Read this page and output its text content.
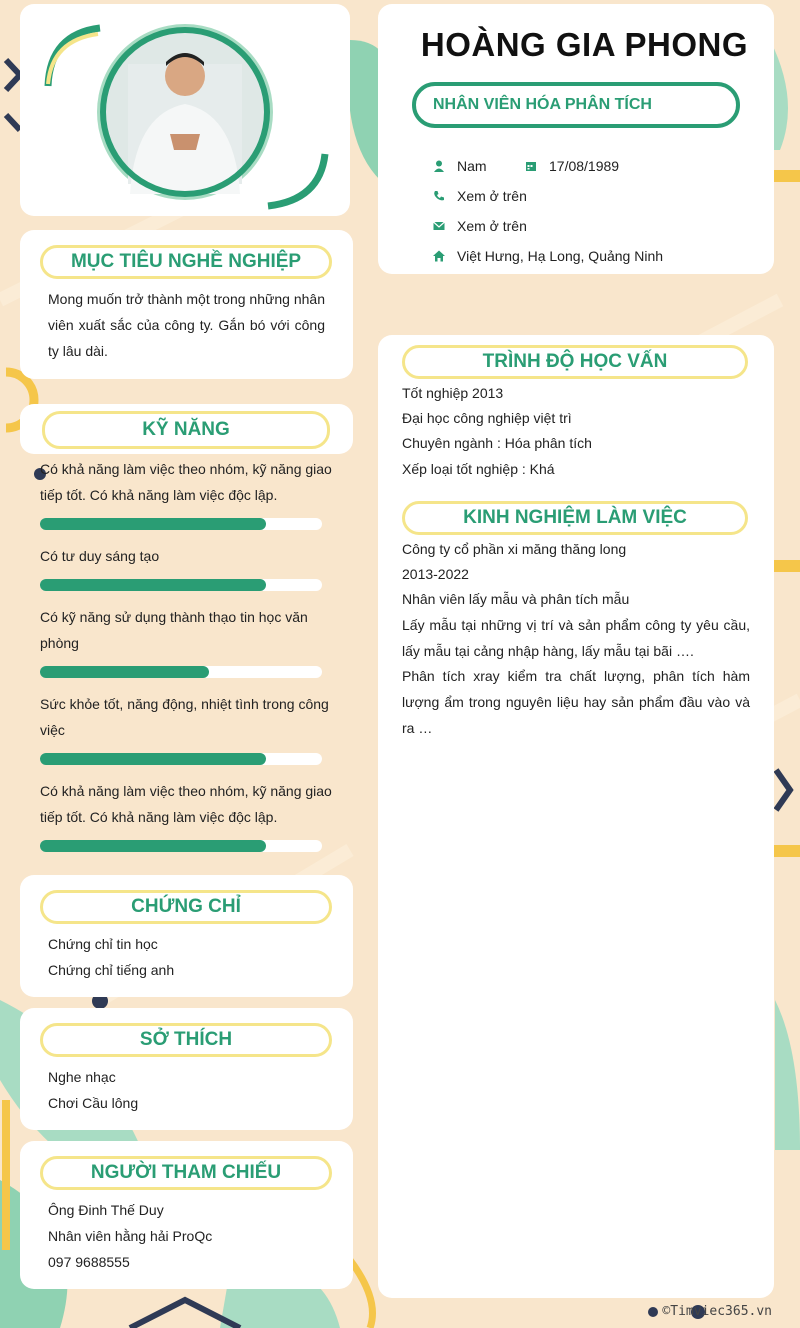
HOÀNG GIA PHONG
NHÂN VIÊN HÓA PHÂN TÍCH
Nam	17/08/1989
Xem ở trên
Xem ở trên
Việt Hưng, Hạ Long, Quảng Ninh
MỤC TIÊU NGHỀ NGHIỆP
Mong muốn trở thành một trong những nhân viên xuất sắc của công ty. Gắn bó với công ty lâu dài.
KỸ NĂNG
Có khả năng làm việc theo nhóm, kỹ năng giao tiếp tốt. Có khả năng làm việc độc lập.
Có tư duy sáng tạo
Có kỹ năng sử dụng thành thạo tin học văn phòng
Sức khỏe tốt, năng động, nhiệt tình trong công việc
Có khả năng làm việc theo nhóm, kỹ năng giao tiếp tốt. Có khả năng làm việc độc lập.
CHỨNG CHỈ
Chứng chỉ tin học
Chứng chỉ tiếng anh
SỞ THÍCH
Nghe nhạc
Chơi Cầu lông
NGƯỜI THAM CHIẾU
Ông Đinh Thế Duy
Nhân viên hằng hải ProQc
097 9688555
TRÌNH ĐỘ HỌC VẤN
Tốt nghiệp 2013
Đại học công nghiệp việt trì
Chuyên ngành : Hóa phân tích
Xếp loại tốt nghiệp : Khá
KINH NGHIỆM LÀM VIỆC
Công ty cổ phần xi măng thăng long
2013-2022
Nhân viên lấy mẫu và phân tích mẫu
Lấy mẫu tại những vị trí và sản phẩm công ty yêu cầu, lấy mẫu tại cảng nhập hàng, lấy mẫu tại bãi ….
Phân tích xray kiểm tra chất lượng, phân tích hàm lượng ẩm trong nguyên liệu hay sản phẩm đầu vào và ra …
©Timviec365.vn
